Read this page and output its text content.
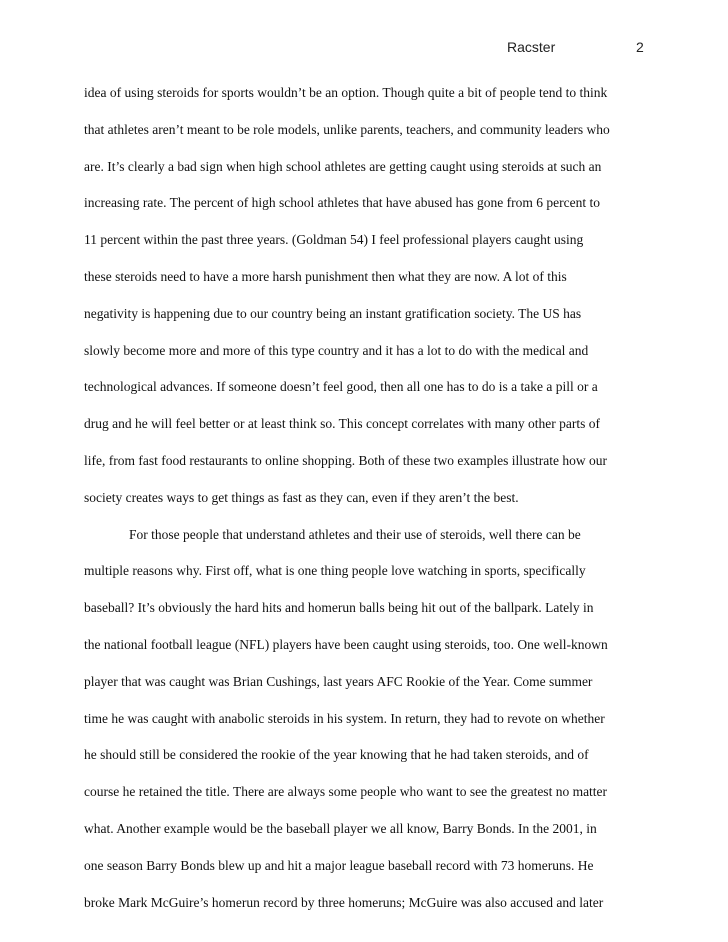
Racster	2
idea of using steroids for sports wouldn’t be an option. Though quite a bit of people tend to think
that athletes aren’t meant to be role models, unlike parents, teachers, and community leaders who
are. It’s clearly a bad sign when high school athletes are getting caught using steroids at such an
increasing rate. The percent of high school athletes that have abused has gone from 6 percent to
11 percent within the past three years. (Goldman 54) I feel professional players caught using
these steroids need to have a more harsh punishment then what they are now. A lot of this
negativity is happening due to our country being an instant gratification society. The US has
slowly become more and more of this type country and it has a lot to do with the medical and
technological advances. If someone doesn’t feel good, then all one has to do is a take a pill or a
drug and he will feel better or at least think so. This concept correlates with many other parts of
life, from fast food restaurants to online shopping. Both of these two examples illustrate how our
society creates ways to get things as fast as they can, even if they aren’t the best.
For those people that understand athletes and their use of steroids, well there can be
multiple reasons why. First off, what is one thing people love watching in sports, specifically
baseball? It’s obviously the hard hits and homerun balls being hit out of the ballpark. Lately in
the national football league (NFL) players have been caught using steroids, too. One well-known
player that was caught was Brian Cushings, last years AFC Rookie of the Year. Come summer
time he was caught with anabolic steroids in his system. In return, they had to revote on whether
he should still be considered the rookie of the year knowing that he had taken steroids, and of
course he retained the title. There are always some people who want to see the greatest no matter
what. Another example would be the baseball player we all know, Barry Bonds. In the 2001, in
one season Barry Bonds blew up and hit a major league baseball record with 73 homeruns. He
broke Mark McGuire’s homerun record by three homeruns; McGuire was also accused and later
